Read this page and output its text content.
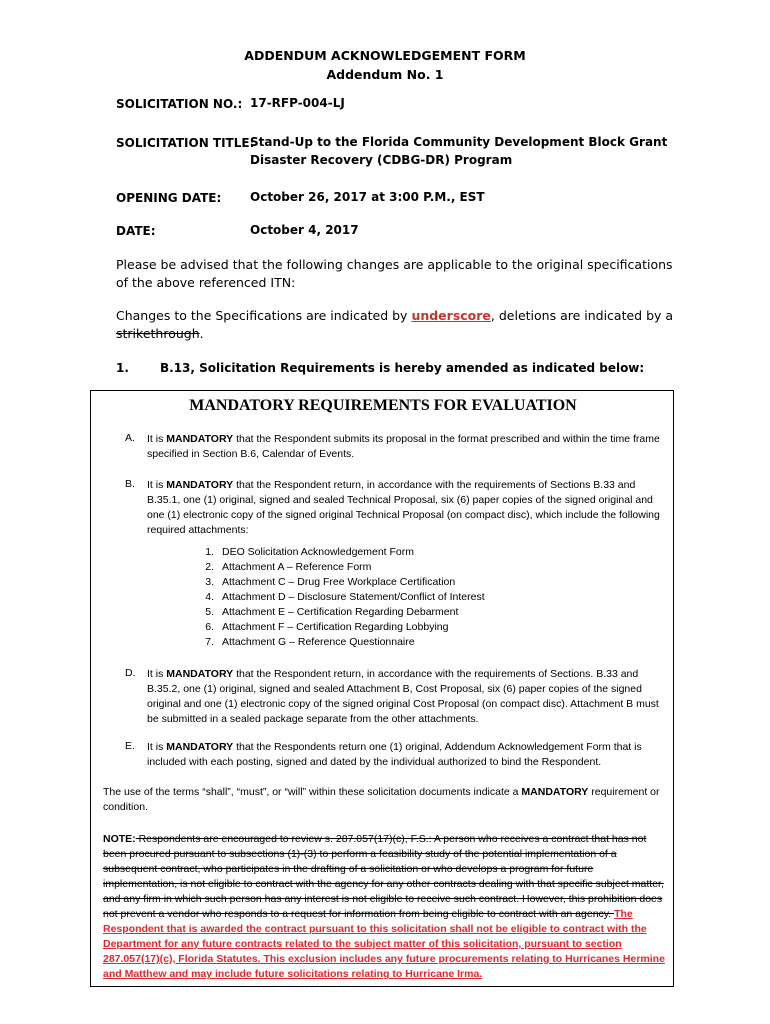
ADDENDUM ACKNOWLEDGEMENT FORM
Addendum No. 1
SOLICITATION NO.: 17-RFP-004-LJ
SOLICITATION TITLE:
Stand-Up to the Florida Community Development Block Grant Disaster Recovery (CDBG-DR) Program
OPENING DATE: October 26, 2017 at 3:00 P.M., EST
DATE:	October 4, 2017
Please be advised that the following changes are applicable to the original specifications of the above referenced ITN:
Changes to the Specifications are indicated by underscore, deletions are indicated by a strikethrough.
1.	B.13, Solicitation Requirements is hereby amended as indicated below:
MANDATORY REQUIREMENTS FOR EVALUATION
A. It is MANDATORY that the Respondent submits its proposal in the format prescribed and within the time frame specified in Section B.6, Calendar of Events.
B. It is MANDATORY that the Respondent return, in accordance with the requirements of Sections B.33 and B.35.1, one (1) original, signed and sealed Technical Proposal, six (6) paper copies of the signed original and one (1) electronic copy of the signed original Technical Proposal (on compact disc), which include the following required attachments:
1. DEO Solicitation Acknowledgement Form
2. Attachment A – Reference Form
3. Attachment C – Drug Free Workplace Certification
4. Attachment D – Disclosure Statement/Conflict of Interest
5. Attachment E – Certification Regarding Debarment
6. Attachment F – Certification Regarding Lobbying
7. Attachment G – Reference Questionnaire
D. It is MANDATORY that the Respondent return, in accordance with the requirements of Sections. B.33 and B.35.2, one (1) original, signed and sealed Attachment B, Cost Proposal, six (6) paper copies of the signed original and one (1) electronic copy of the signed original Cost Proposal (on compact disc). Attachment B must be submitted in a sealed package separate from the other attachments.
E. It is MANDATORY that the Respondents return one (1) original, Addendum Acknowledgement Form that is included with each posting, signed and dated by the individual authorized to bind the Respondent.
The use of the terms “shall”, “must”, or “will” within these solicitation documents indicate a MANDATORY requirement or condition.
NOTE: Respondents are encouraged to review s. 287.057(17)(c), F.S.: A person who receives a contract that has not been procured pursuant to subsections (1)-(3) to perform a feasibility study of the potential implementation of a subsequent contract, who participates in the drafting of a solicitation or who develops a program for future implementation, is not eligible to contract with the agency for any other contracts dealing with that specific subject matter, and any firm in which such person has any interest is not eligible to receive such contract. However, this prohibition does not prevent a vendor who responds to a request for information from being eligible to contract with an agency. The Respondent that is awarded the contract pursuant to this solicitation shall not be eligible to contract with the Department for any future contracts related to the subject matter of this solicitation, pursuant to section 287.057(17)(c), Florida Statutes. This exclusion includes any future procurements relating to Hurricanes Hermine and Matthew and may include future solicitations relating to Hurricane Irma.
